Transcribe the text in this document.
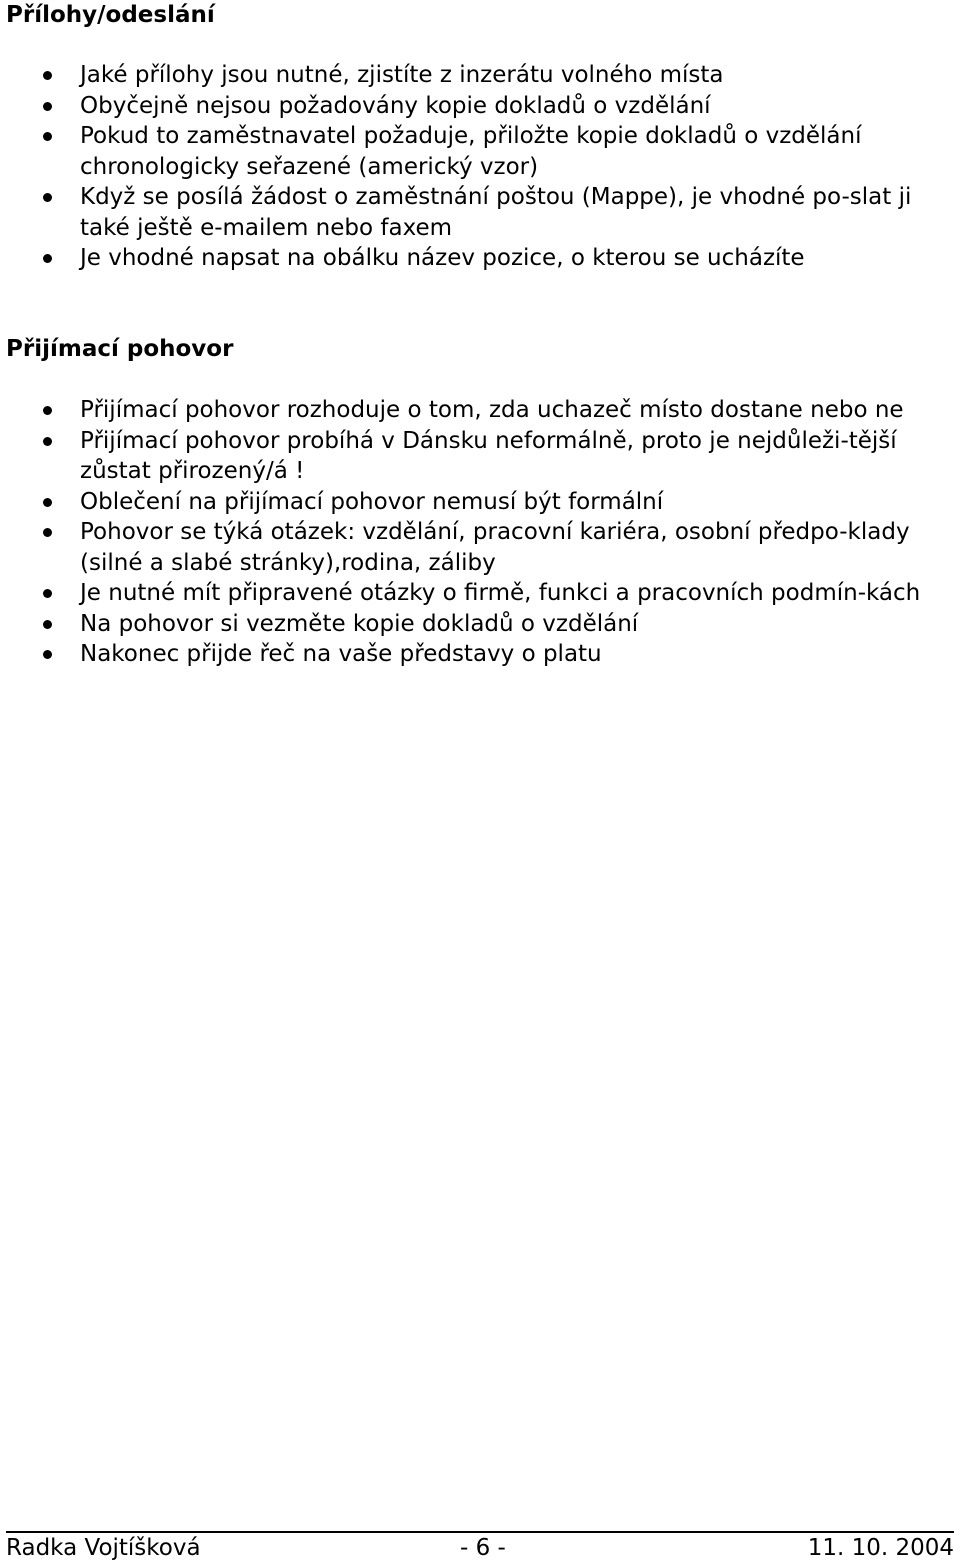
Přílohy/odeslání
Jaké přílohy jsou nutné, zjistíte z inzerátu volného místa
Obyčejně nejsou požadovány kopie dokladů o vzdělání
Pokud to zaměstnavatel požaduje, přiložte kopie dokladů o vzdělání chronologicky seřazené (americký vzor)
Když se posílá žádost o zaměstnání poštou (Mappe), je vhodné po-slat ji také ještě e-mailem nebo faxem
Je vhodné napsat na obálku název pozice, o kterou se ucházíte
Přijímací pohovor
Přijímací pohovor rozhoduje o tom, zda uchazeč místo dostane nebo ne
Přijímací pohovor probíhá v Dánsku neformálně, proto je nejdůleži-tější zůstat přirozený/á !
Oblečení na přijímací pohovor nemusí být formální
Pohovor se týká otázek: vzdělání, pracovní kariéra, osobní předpo-klady (silné a slabé stránky),rodina, záliby
Je nutné mít připravené otázky o firmě, funkci a pracovních podmín-kách
Na pohovor si vezměte kopie dokladů o vzdělání
Nakonec přijde řeč na vaše představy o platu
Radka Vojtíšková	- 6 -	11. 10. 2004
